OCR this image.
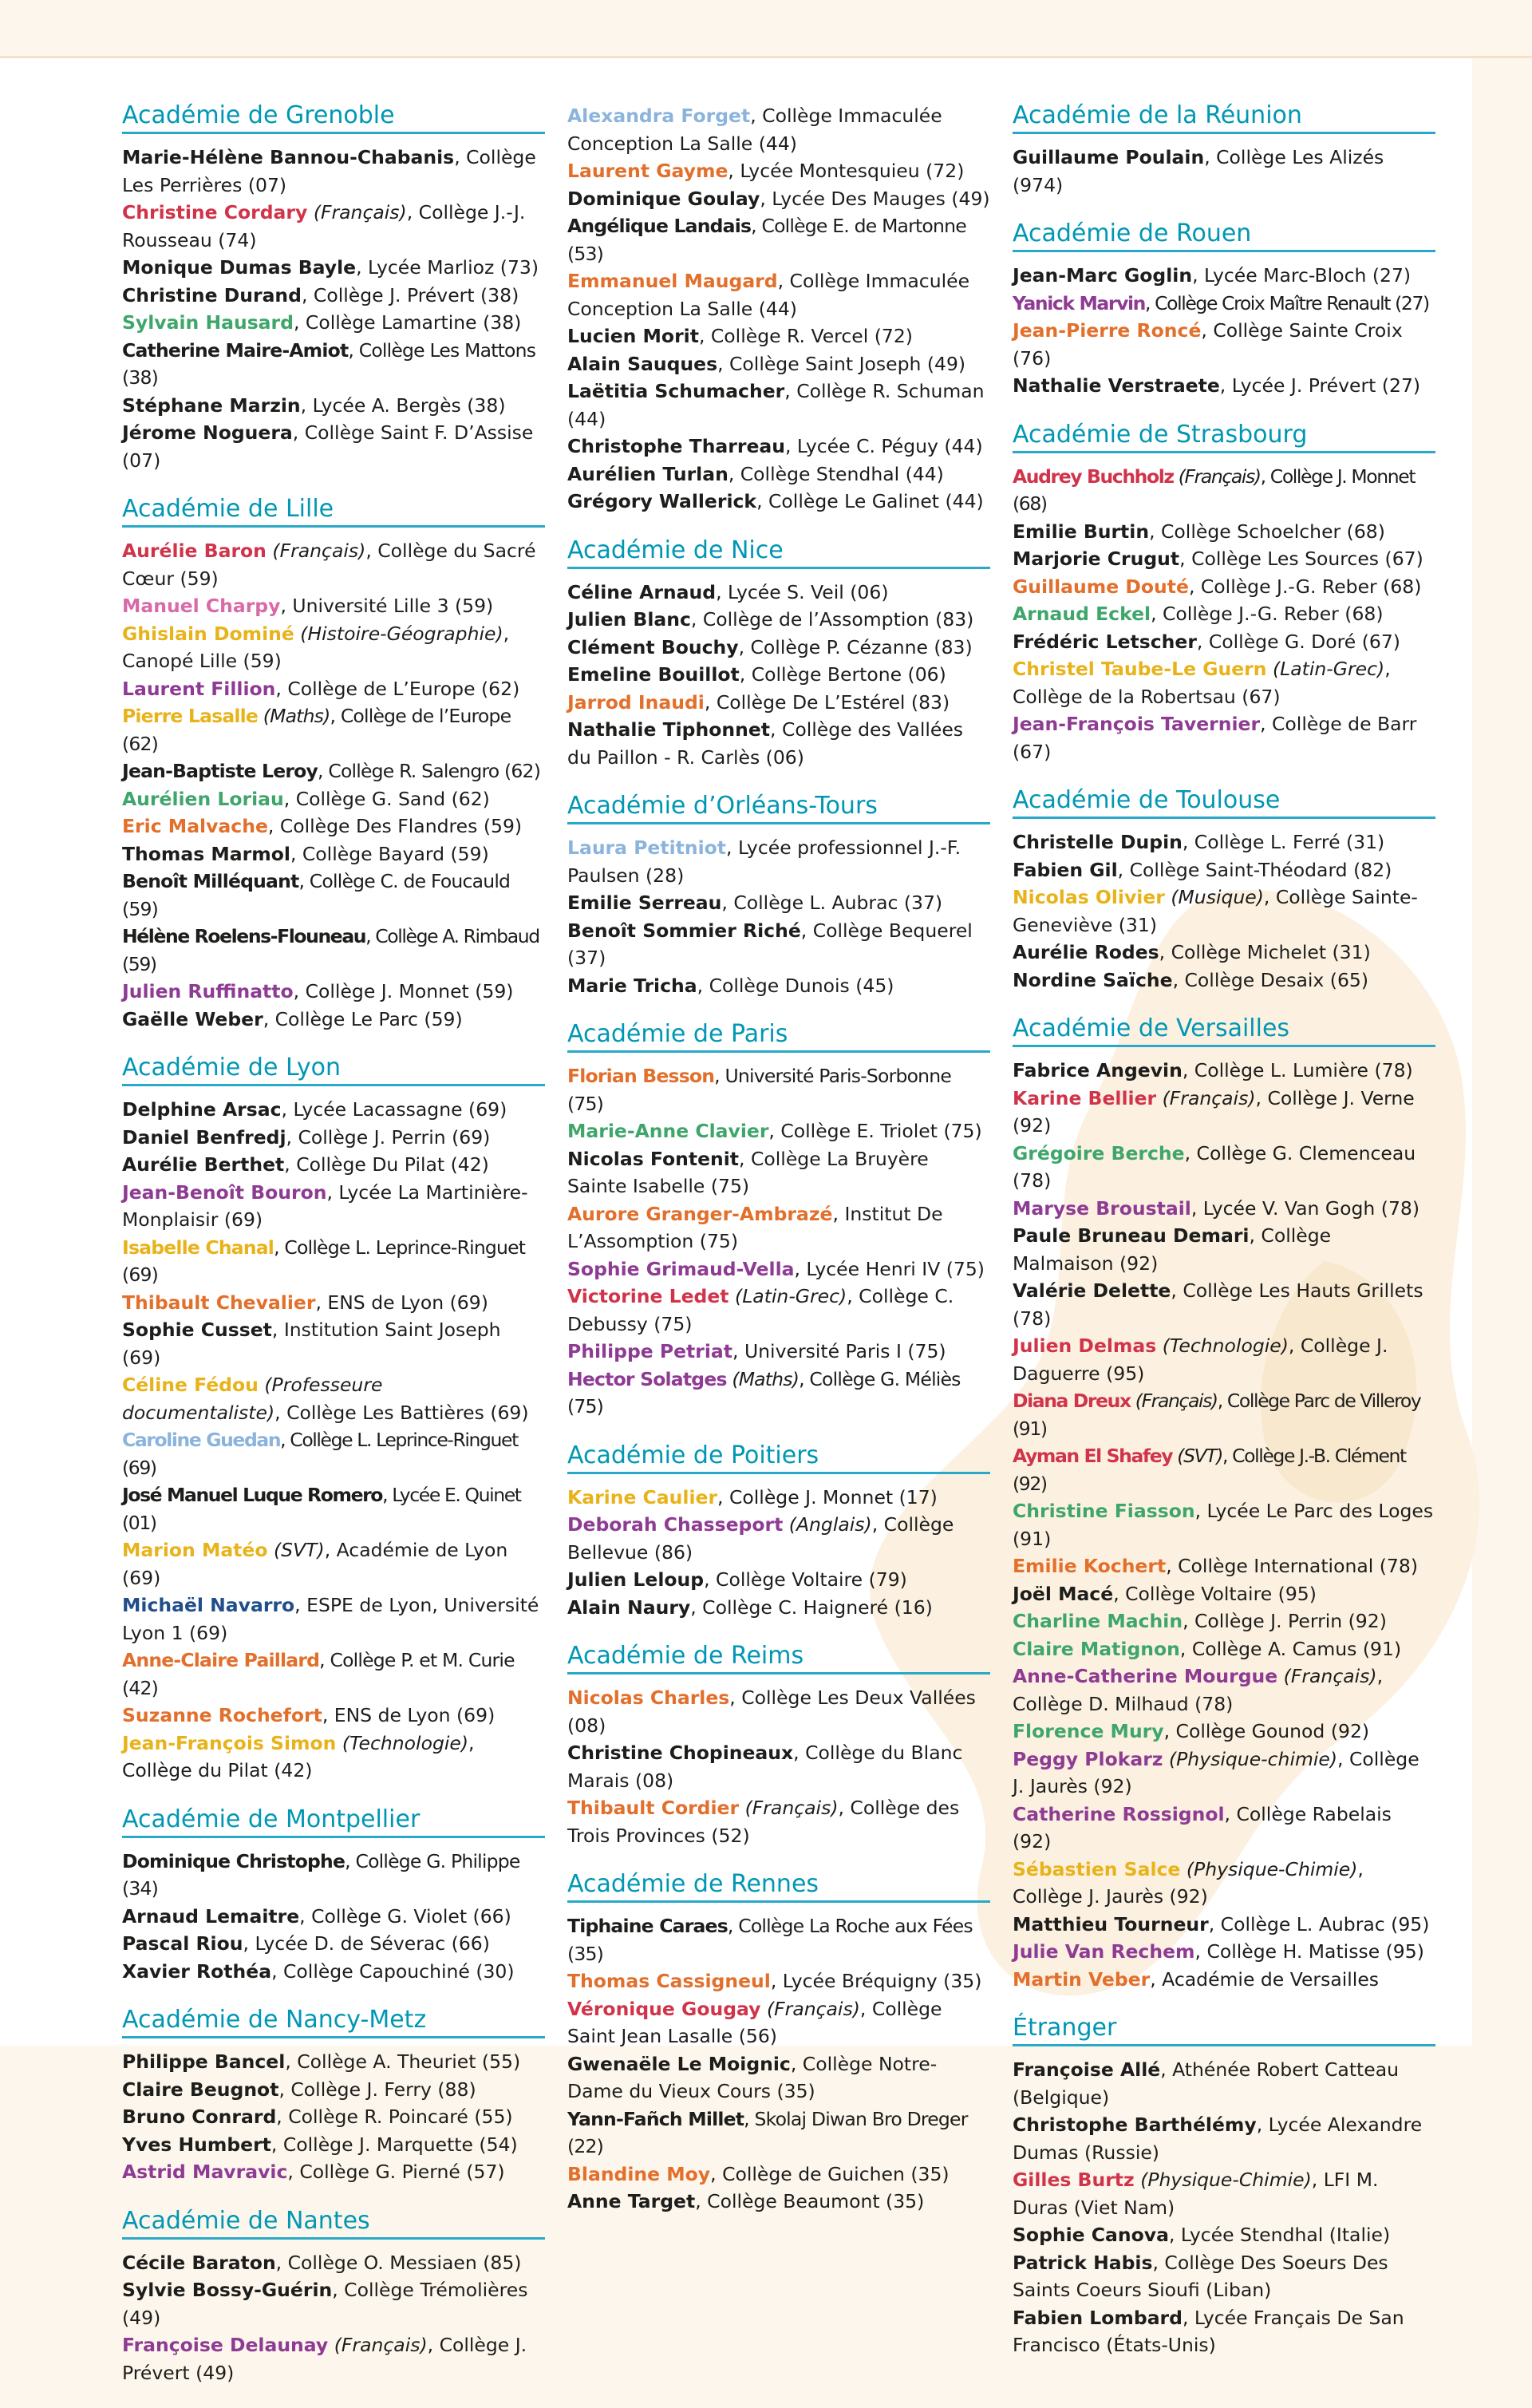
Académie de Grenoble

Marie-Hélène Bannou-Chabanis, Collège Les Perrières (07)

Christine Cordary (Français), Collège J.-J. Rousseau (74)

Monique Dumas Bayle, Lycée Marlioz (73)

Christine Durand, Collège J. Prévert (38)

Sylvain Hausard, Collège Lamartine (38)

Catherine Maire-Amiot, Collège Les Mattons (38)

Stéphane Marzin, Lycée A. Bergès (38)

Jérome Noguera, Collège Saint F. D’Assise (07)

Académie de Lille

Aurélie Baron (Français), Collège du Sacré Cœur (59)

Manuel Charpy, Université Lille 3 (59)

Ghislain Dominé (Histoire-Géographie), Canopé Lille (59)

Laurent Fillion, Collège de L’Europe (62)

Pierre Lasalle (Maths), Collège de l’Europe (62)

Jean-Baptiste Leroy, Collège R. Salengro (62)

Aurélien Loriau, Collège G. Sand (62)

Eric Malvache, Collège Des Flandres (59)

Thomas Marmol, Collège Bayard (59)

Benoît Milléquant, Collège C. de Foucauld (59)

Hélène Roelens-Flouneau, Collège A. Rimbaud (59)

Julien Ruffinatto, Collège J. Monnet (59)

Gaëlle Weber, Collège Le Parc (59)

Académie de Lyon

Delphine Arsac, Lycée Lacassagne (69)

Daniel Benfredj, Collège J. Perrin (69)

Aurélie Berthet, Collège Du Pilat (42)

Jean-Benoît Bouron, Lycée La Martinière-Monplaisir (69)

Isabelle Chanal, Collège L. Leprince-Ringuet (69)

Thibault Chevalier, ENS de Lyon (69)

Sophie Cusset, Institution Saint Joseph (69)

Céline Fédou (Professeure documentaliste), Collège Les Battières (69)

Caroline Guedan, Collège L. Leprince-Ringuet (69)

José Manuel Luque Romero, Lycée E. Quinet (01)

Marion Matéo (SVT), Académie de Lyon (69)

Michaël Navarro, ESPE de Lyon, Université Lyon 1 (69)

Anne-Claire Paillard, Collège P. et M. Curie (42)

Suzanne Rochefort, ENS de Lyon (69)

Jean-François Simon (Technologie), Collège du Pilat (42)

Académie de Montpellier

Dominique Christophe, Collège G. Philippe (34)

Arnaud Lemaitre, Collège G. Violet (66)

Pascal Riou, Lycée D. de Séverac (66)

Xavier Rothéa, Collège Capouchiné (30)

Académie de Nancy-Metz

Philippe Bancel, Collège A. Theuriet (55)

Claire Beugnot, Collège J. Ferry (88)

Bruno Conrard, Collège R. Poincaré (55)

Yves Humbert, Collège J. Marquette (54)

Astrid Mavravic, Collège G. Pierné (57)

Académie de Nantes

Cécile Baraton, Collège O. Messiaen (85)

Sylvie Bossy-Guérin, Collège Trémolières (49)

Françoise Delaunay (Français), Collège J. Prévert (49)

Alexandra Forget, Collège Immaculée Conception La Salle (44)

Laurent Gayme, Lycée Montesquieu (72)

Dominique Goulay, Lycée Des Mauges (49)

Angélique Landais, Collège E. de Martonne (53)

Emmanuel Maugard, Collège Immaculée Conception La Salle (44)

Lucien Morit, Collège R. Vercel (72)

Alain Sauques, Collège Saint Joseph (49)

Laëtitia Schumacher, Collège R. Schuman (44)

Christophe Tharreau, Lycée C. Péguy (44)

Aurélien Turlan, Collège Stendhal (44)

Grégory Wallerick, Collège Le Galinet (44)

Académie de Nice

Céline Arnaud, Lycée S. Veil (06)

Julien Blanc, Collège de l’Assomption (83)

Clément Bouchy, Collège P. Cézanne (83)

Emeline Bouillot, Collège Bertone (06)

Jarrod Inaudi, Collège De L’Estérel (83)

Nathalie Tiphonnet, Collège des Vallées du Paillon - R. Carlès (06)

Académie d’Orléans-Tours

Laura Petitniot, Lycée professionnel J.-F. Paulsen (28)

Emilie Serreau, Collège L. Aubrac (37)

Benoît Sommier Riché, Collège Bequerel (37)

Marie Tricha, Collège Dunois (45)

Académie de Paris

Florian Besson, Université Paris-Sorbonne (75)

Marie-Anne Clavier, Collège E. Triolet (75)

Nicolas Fontenit, Collège La Bruyère Sainte Isabelle (75)

Aurore Granger-Ambrazé, Institut De L’Assomption (75)

Sophie Grimaud-Vella, Lycée Henri IV (75)

Victorine Ledet (Latin-Grec), Collège C. Debussy (75)

Philippe Petriat, Université Paris I (75)

Hector Solatges (Maths), Collège G. Méliès (75)

Académie de Poitiers

Karine Caulier, Collège J. Monnet (17)

Deborah Chasseport (Anglais), Collège Bellevue (86)

Julien Leloup, Collège Voltaire (79)

Alain Naury, Collège C. Haigneré (16)

Académie de Reims

Nicolas Charles, Collège Les Deux Vallées (08)

Christine Chopineaux, Collège du Blanc Marais (08)

Thibault Cordier (Français), Collège des Trois Provinces (52)

Académie de Rennes

Tiphaine Caraes, Collège La Roche aux Fées (35)

Thomas Cassigneul, Lycée Bréquigny (35)

Véronique Gougay (Français), Collège Saint Jean Lasalle (56)

Gwenaële Le Moignic, Collège Notre-Dame du Vieux Cours (35)

Yann-Fañch Millet, Skolaj Diwan Bro Dreger (22)

Blandine Moy, Collège de Guichen (35)

Anne Target, Collège Beaumont (35)

Académie de la Réunion

Guillaume Poulain, Collège Les Alizés (974)

Académie de Rouen

Jean-Marc Goglin, Lycée Marc-Bloch (27)

Yanick Marvin, Collège Croix Maître Renault (27)

Jean-Pierre Roncé, Collège Sainte Croix (76)

Nathalie Verstraete, Lycée J. Prévert (27)

Académie de Strasbourg

Audrey Buchholz (Français), Collège J. Monnet (68)

Emilie Burtin, Collège Schoelcher (68)

Marjorie Crugut, Collège Les Sources (67)

Guillaume Douté, Collège J.-G. Reber (68)

Arnaud Eckel, Collège J.-G. Reber (68)

Frédéric Letscher, Collège G. Doré (67)

Christel Taube-Le Guern (Latin-Grec), Collège de la Robertsau (67)

Jean-François Tavernier, Collège de Barr (67)

Académie de Toulouse

Christelle Dupin, Collège L. Ferré (31)

Fabien Gil, Collège Saint-Théodard (82)

Nicolas Olivier (Musique), Collège Sainte-Geneviève (31)

Aurélie Rodes, Collège Michelet (31)

Nordine Saïche, Collège Desaix (65)

Académie de Versailles

Fabrice Angevin, Collège L. Lumière (78)

Karine Bellier (Français), Collège J. Verne (92)

Grégoire Berche, Collège G. Clemenceau (78)

Maryse Broustail, Lycée V. Van Gogh (78)

Paule Bruneau Demari, Collège Malmaison (92)

Valérie Delette, Collège Les Hauts Grillets (78)

Julien Delmas (Technologie), Collège J. Daguerre (95)

Diana Dreux (Français), Collège Parc de Villeroy (91)

Ayman El Shafey (SVT), Collège J.-B. Clément (92)

Christine Fiasson, Lycée Le Parc des Loges (91)

Emilie Kochert, Collège International (78)

Joël Macé, Collège Voltaire (95)

Charline Machin, Collège J. Perrin (92)

Claire Matignon, Collège A. Camus (91)

Anne-Catherine Mourgue (Français), Collège D. Milhaud (78)

Florence Mury, Collège Gounod (92)

Peggy Plokarz (Physique-chimie), Collège J. Jaurès (92)

Catherine Rossignol, Collège Rabelais (92)

Sébastien Salce (Physique-Chimie), Collège J. Jaurès (92)

Matthieu Tourneur, Collège L. Aubrac (95)

Julie Van Rechem, Collège H. Matisse (95)

Martin Veber, Académie de Versailles

Étranger

Françoise Allé, Athénée Robert Catteau (Belgique)

Christophe Barthélémy, Lycée Alexandre Dumas (Russie)

Gilles Burtz (Physique-Chimie), LFI M. Duras (Viet Nam)

Sophie Canova, Lycée Stendhal (Italie)

Patrick Habis, Collège Des Soeurs Des Saints Coeurs Sioufi (Liban)

Fabien Lombard, Lycée Français De San Francisco (États-Unis)
